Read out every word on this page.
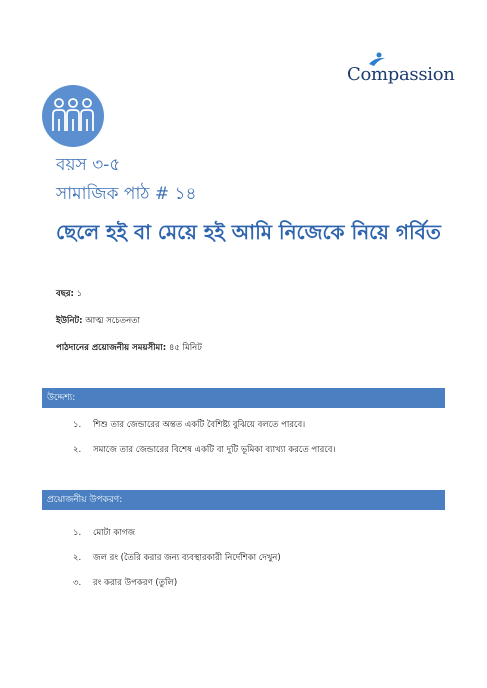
Compassion
বয়স ৩-৫
সামাজিক পাঠ # ১৪
ছেলে হই বা মেয়ে হই আমি নিজেকে নিয়ে গর্বিত
বছর: ১
ইউনিট: আত্ম সচেতনতা
পাঠদানের প্রয়োজনীয় সময়সীমা: ৪৫ মিনিট
উদ্দেশ্য:
১. শিশু তার জেন্ডারের অন্তত একটি বৈশিষ্ট্য বুঝিয়ে বলতে পারবে।
২. সমাজে তার জেন্ডারের বিশেষ একটি বা দুটি ভূমিকা ব্যাখ্যা করতে পারবে।
প্রয়োজনীয় উপকরণ:
১. মোটা কাগজ
২. জল রং (তৈরি করার জন্য ব্যবস্থারকারী নির্দেশিকা দেখুন)
৩. রং করার উপকরণ (তুলি)
